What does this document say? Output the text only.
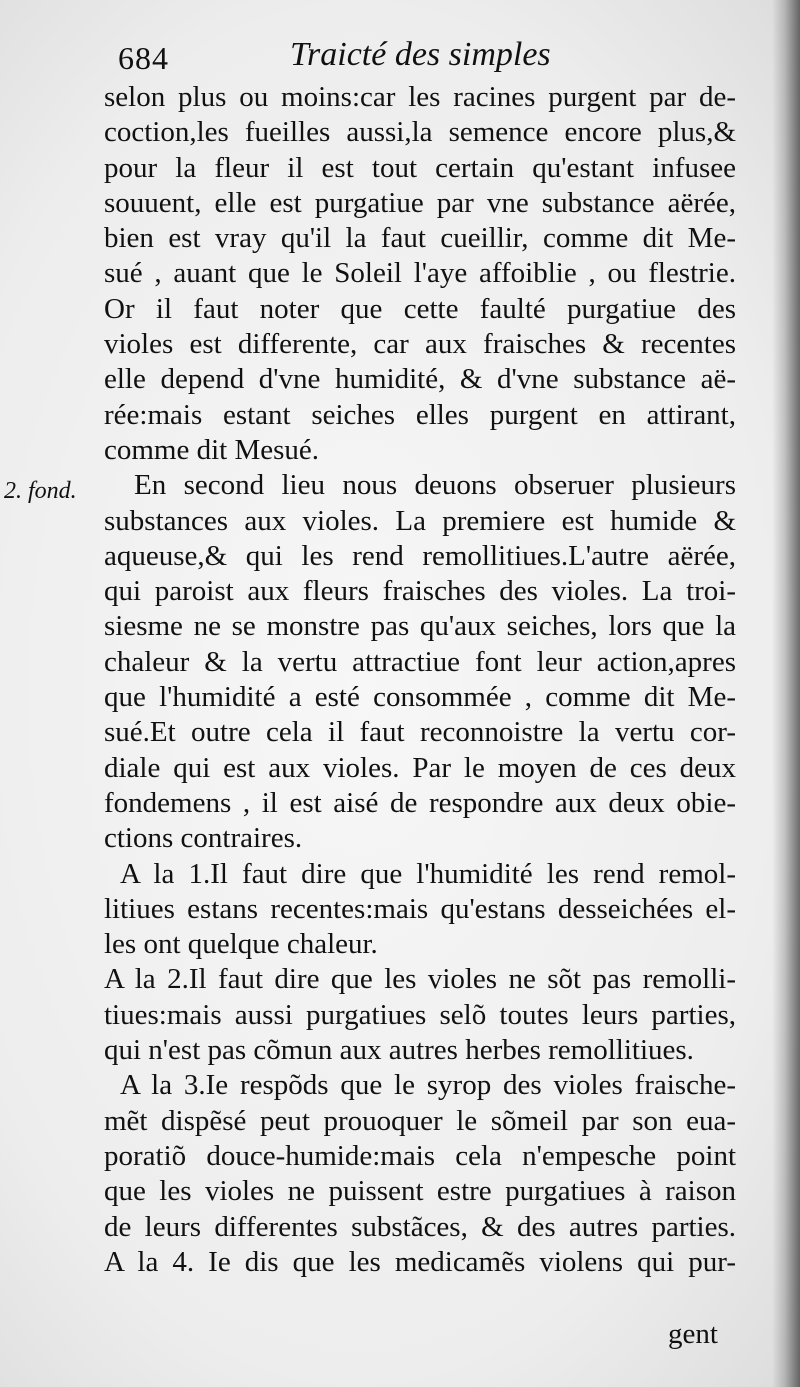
684	Traicté des simples
2. fond.
selon plus ou moins:car les racines purgent par de-
coction,les fueilles aussi,la semence encore plus,&
pour la fleur il est tout certain qu'estant infusee
souuent, elle est purgatiue par vne substance aërée,
bien est vray qu'il la faut cueillir, comme dit Me-
sué , auant que le Soleil l'aye affoiblie , ou flestrie.
Or il faut noter que cette faulté purgatiue des
violes est differente, car aux fraisches & recentes
elle depend d'vne humidité, & d'vne substance aë-
rée:mais estant seiches elles purgent en attirant,
comme dit Mesué.
En second lieu nous deuons obseruer plusieurs
substances aux violes. La premiere est humide &
aqueuse,& qui les rend remollitiues.L'autre aërée,
qui paroist aux fleurs fraisches des violes. La troi-
siesme ne se monstre pas qu'aux seiches, lors que la
chaleur & la vertu attractiue font leur action,apres
que l'humidité a esté consommée , comme dit Me-
sué.Et outre cela il faut reconnoistre la vertu cor-
diale qui est aux violes. Par le moyen de ces deux
fondemens , il est aisé de respondre aux deux obie-
ctions contraires.
A la 1.Il faut dire que l'humidité les rend remol-
litiues estans recentes:mais qu'estans desseichées el-
les ont quelque chaleur.
A la 2.Il faut dire que les violes ne sõt pas remolli-
tiues:mais aussi purgatiues selõ toutes leurs parties,
qui n'est pas cõmun aux autres herbes remollitiues.
A la 3.Ie respõds que le syrop des violes fraische-
mẽt dispẽsé peut prouoquer le sõmeil par son eua-
poratiõ douce-humide:mais cela n'empesche point
que les violes ne puissent estre purgatiues à raison
de leurs differentes substãces, & des autres parties.
A la 4. Ie dis que les medicamẽs violens qui pur-
gent
